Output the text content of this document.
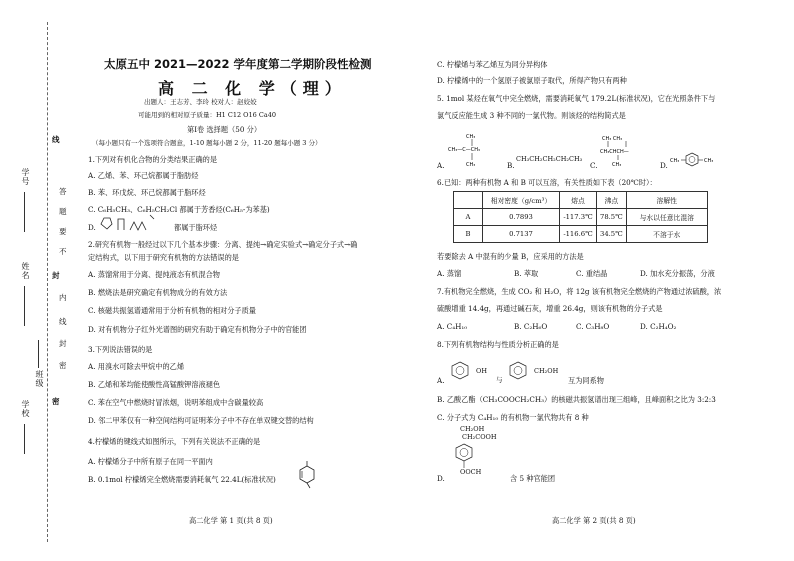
学号
姓名
学校
班级
答
题
要
不
内
线
封
密
线
封
密
太原五中 2021—2022 学年度第二学期阶段性检测
高 二 化 学（理）
出题人：王志芳、李玲 校对人：赵姣姣
可能用到的相对原子质量：H1 C12 O16 Ca40
第Ⅰ卷 选择题（50 分）
（每小题只有一个选项符合题意，1-10 题每小题 2 分，11-20 题每小题 3 分）
1.下列对有机化合物的分类结果正确的是
A. 乙烯、苯、环己烷都属于脂肪烃
B. 苯、环戊烷、环己烷都属于脂环烃
C. C₆H₅CH₃、C₆H₅CH₂Cl 都属于芳香烃(C₆H₅-为苯基)
D.	都属于脂环烃
2.研究有机物一般经过以下几个基本步骤：分离、提纯→确定实验式→确定分子式→确
定结构式，以下用于研究有机物的方法错误的是
A. 蒸馏常用于分离、提纯液态有机混合物
B. 燃烧法是研究确定有机物成分的有效方法
C. 核磁共振氢谱通常用于分析有机物的相对分子质量
D. 对有机物分子红外光谱图的研究有助于确定有机物分子中的官能团
3.下列说法错误的是
A. 用溴水可除去甲烷中的乙烯
B. 乙烯和苯均能使酸性高锰酸钾溶液褪色
C. 苯在空气中燃烧时冒浓烟，说明苯组成中含碳量较高
D. 邻二甲苯仅有一种空间结构可证明苯分子中不存在单双键交替的结构
4.柠檬烯的键线式如图所示，下列有关说法不正确的是
A. 柠檬烯分子中所有原子在同一平面内
B. 0.1mol 柠檬烯完全燃烧需要消耗氧气 22.4L(标准状况)
高二化学 第 1 页(共 8 页)
C. 柠檬烯与苯乙烯互为同分异构体
D. 柠檬烯中的一个氢原子被氯原子取代，所得产物只有两种
5. 1mol 某烃在氧气中完全燃烧，需要消耗氧气 179.2L(标准状况)，它在光照条件下与
氯气反应能生成 3 种不同的一氯代物。则该烃的结构简式是
A.
CH₃
CH₃—C—CH₃
CH₃	B.
CH₃CH₂CH₂CH₂CH₃
C.
CH₃ CH₃
CH₃CHCH—
CH₃	D. CH₃	CH₃
6.已知：两种有机物 A 和 B 可以互溶，有关性质如下表（20℃时）：
	相对密度（g/cm³）	熔点	沸点	溶解性
A	0.7893	-117.3℃	78.5℃	与水以任意比混溶
B	0.7137	-116.6℃	34.5℃	不溶于水
若要除去 A 中混有的少量 B，应采用的方法是
A. 蒸馏	B. 萃取	C. 重结晶	D. 加水充分振荡，分液
7.有机物完全燃烧，生成 CO₂ 和 H₂O，将 12g 该有机物完全燃烧的产物通过浓硫酸，浓
硫酸增重 14.4g，再通过碱石灰，增重 26.4g，则该有机物的分子式是
A. C₄H₁₀	B. C₂H₆O	C. C₃H₈O	D. C₂H₄O₂
8.下列有机物结构与性质分析正确的是
A.
OH
与
CH₂OH
互为同系物
B. 乙酸乙酯（CH₃COOCH₂CH₃）的核磁共振氢谱出现三组峰，且峰面积之比为 3:2:3
C. 分子式为 C₄H₁₀ 的有机物一氯代物共有 8 种
CH₂OH
CH₂COOH
OOCH
D.	含 5 种官能团
高二化学 第 2 页(共 8 页)
